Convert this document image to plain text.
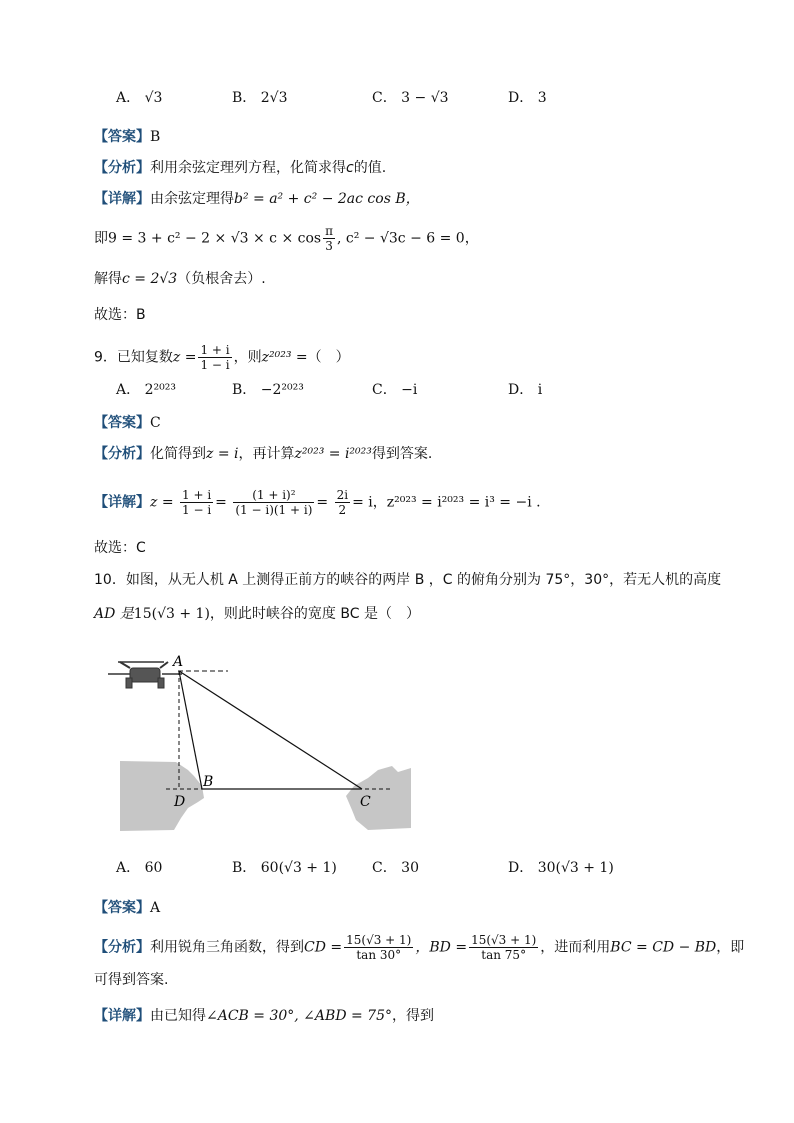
A． √3	B． 2√3	C． 3 − √3	D． 3
【答案】B
【分析】利用余弦定理列方程，化简求得c的值.
【详解】由余弦定理得b² = a² + c² − 2ac cos B，
即$9 = 3 + c^2 - 2 \times √3 \times c \times \cos \frac{\pi}{3}$ , c² − √3c − 6 = 0，
解得c = 2√3（负根舍去）.
故选：B
9．已知复数$z = \frac{1 + i}{1 - i}$ ，则z²⁰²³ =（　）
A． 2²⁰²³	B． −2²⁰²³	C． −i	D． i
【答案】C
【分析】化简得到z = i，再计算z²⁰²³ = i²⁰²³得到答案.
【详解】$z = \frac{1 + i}{1 - i} = \frac{\text{(1 + i)²}}{(1 - i)(1 + i)} = \frac{2i}{2} = i$，z²⁰²³ = i²⁰²³ = i³ = −i .
故选：C
10．如图，从无人机 A 上测得正前方的峡谷的两岸 B ，C 的俯角分别为 75°，30°，若无人机的高度
AD 是15(√3 + 1)，则此时峡谷的宽度 BC 是（　）
A
B
D	C
A． 60	B． 60(√3 + 1)	C． 30	D． 30(√3 + 1)
【答案】A
【分析】利用锐角三角函数，得到CD = $\frac{15(√3 + 1)}{\tan 30^\circ}$ ，BD = $\frac{15(√3 + 1)}{\tan 75^\circ}$ ，进而利用BC = CD − BD，即
可得到答案.
【详解】由已知得∠ACB = 30°, ∠ABD = 75°，得到
